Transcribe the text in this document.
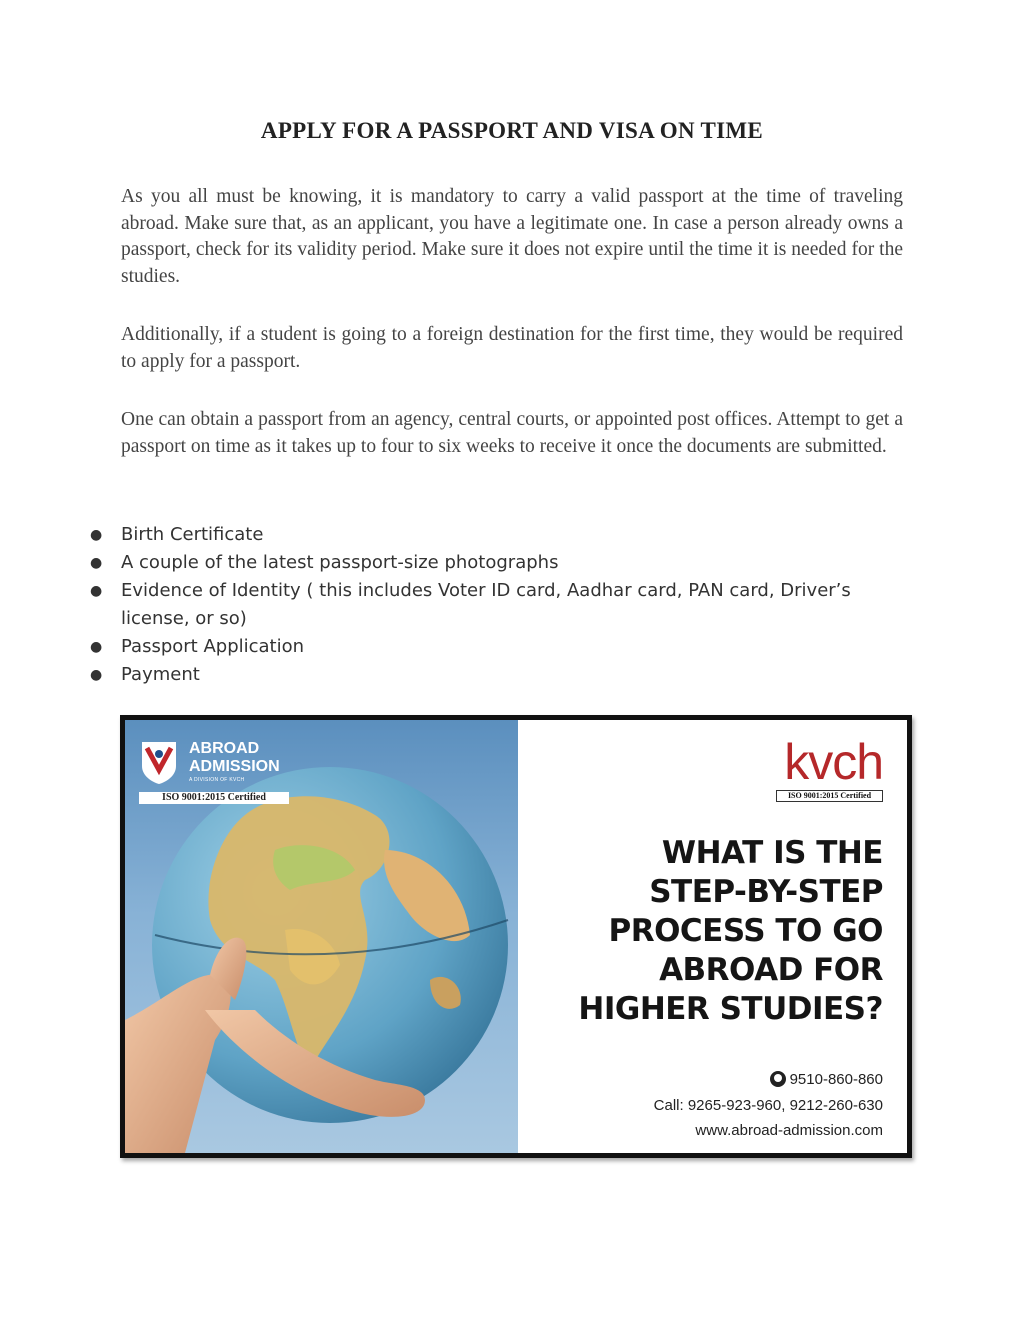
APPLY FOR A PASSPORT AND VISA ON TIME

As you all must be knowing, it is mandatory to carry a valid passport at the time of traveling abroad. Make sure that, as an applicant, you have a legitimate one. In case a person already owns a passport, check for its validity period. Make sure it does not expire until the time it is needed for the studies.

Additionally, if a student is going to a foreign destination for the first time, they would be required to apply for a passport.

One can obtain a passport from an agency, central courts, or appointed post offices. Attempt to get a passport on time as it takes up to four to six weeks to receive it once the documents are submitted.

● Birth Certificate
● A couple of the latest passport-size photographs
● Evidence of Identity ( this includes Voter ID card, Aadhar card, PAN card, Driver’s license, or so)
● Passport Application
● Payment
ABROAD
ADMISSION
A DIVISION OF KVCH
ISO 9001:2015 Certified
kvch
ISO 9001:2015 Certified
WHAT IS THE
STEP-BY-STEP
PROCESS TO GO
ABROAD FOR
HIGHER STUDIES?
9510-860-860
Call: 9265-923-960, 9212-260-630
www.abroad-admission.com
